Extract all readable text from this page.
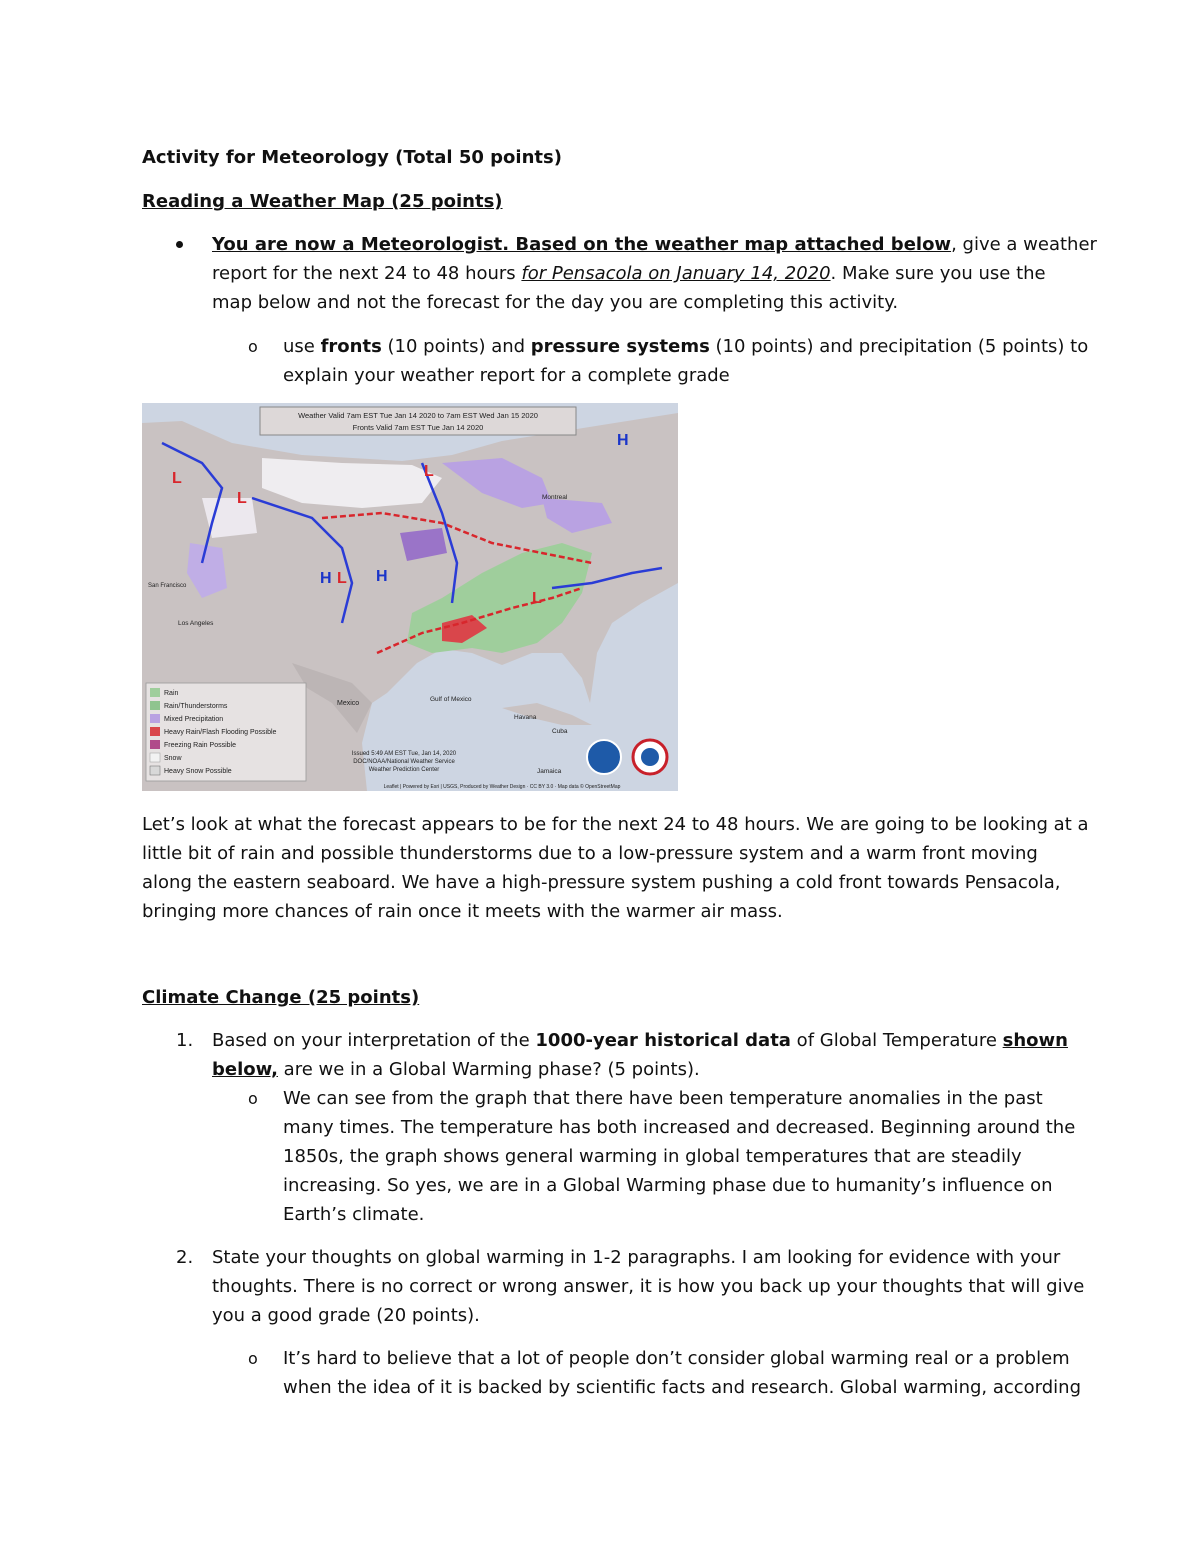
Activity for Meteorology (Total 50 points)
Reading a Weather Map (25 points)
You are now a Meteorologist. Based on the weather map attached below, give a weather
report for the next 24 to 48 hours for Pensacola on January 14, 2020. Make sure you use the
map below and not the forecast for the day you are completing this activity.
o use fronts (10 points) and pressure systems (10 points) and precipitation (5 points) to
explain your weather report for a complete grade
Weather Valid 7am EST Tue Jan 14 2020 to 7am EST Wed Jan 15 2020
Fronts Valid 7am EST Tue Jan 14 2020
H
L
L
L
H L H
L
Montreal
Los Angeles
San Francisco
Mexico
Gulf of Mexico
Havana
Jamaica
Cuba
Rain
Rain/Thunderstorms
Mixed Precipitation
Heavy Rain/Flash Flooding Possible
Freezing Rain Possible
Snow
Heavy Snow Possible
Issued 5:49 AM EST Tue, Jan 14, 2020
DOC/NOAA/National Weather Service
Weather Prediction Center
Leaflet | Powered by Esri | USGS, Produced by Weather Design · CC BY 3.0 · Map data © OpenStreetMap
Let’s look at what the forecast appears to be for the next 24 to 48 hours. We are going to be looking at a
little bit of rain and possible thunderstorms due to a low-pressure system and a warm front moving
along the eastern seaboard. We have a high-pressure system pushing a cold front towards Pensacola,
bringing more chances of rain once it meets with the warmer air mass.
Climate Change (25 points)
1. Based on your interpretation of the 1000-year historical data of Global Temperature shown
below, are we in a Global Warming phase? (5 points).
o We can see from the graph that there have been temperature anomalies in the past
many times. The temperature has both increased and decreased. Beginning around the
1850s, the graph shows general warming in global temperatures that are steadily
increasing. So yes, we are in a Global Warming phase due to humanity’s influence on
Earth’s climate.
2. State your thoughts on global warming in 1-2 paragraphs. I am looking for evidence with your
thoughts. There is no correct or wrong answer, it is how you back up your thoughts that will give
you a good grade (20 points).
o It’s hard to believe that a lot of people don’t consider global warming real or a problem
when the idea of it is backed by scientific facts and research. Global warming, according
